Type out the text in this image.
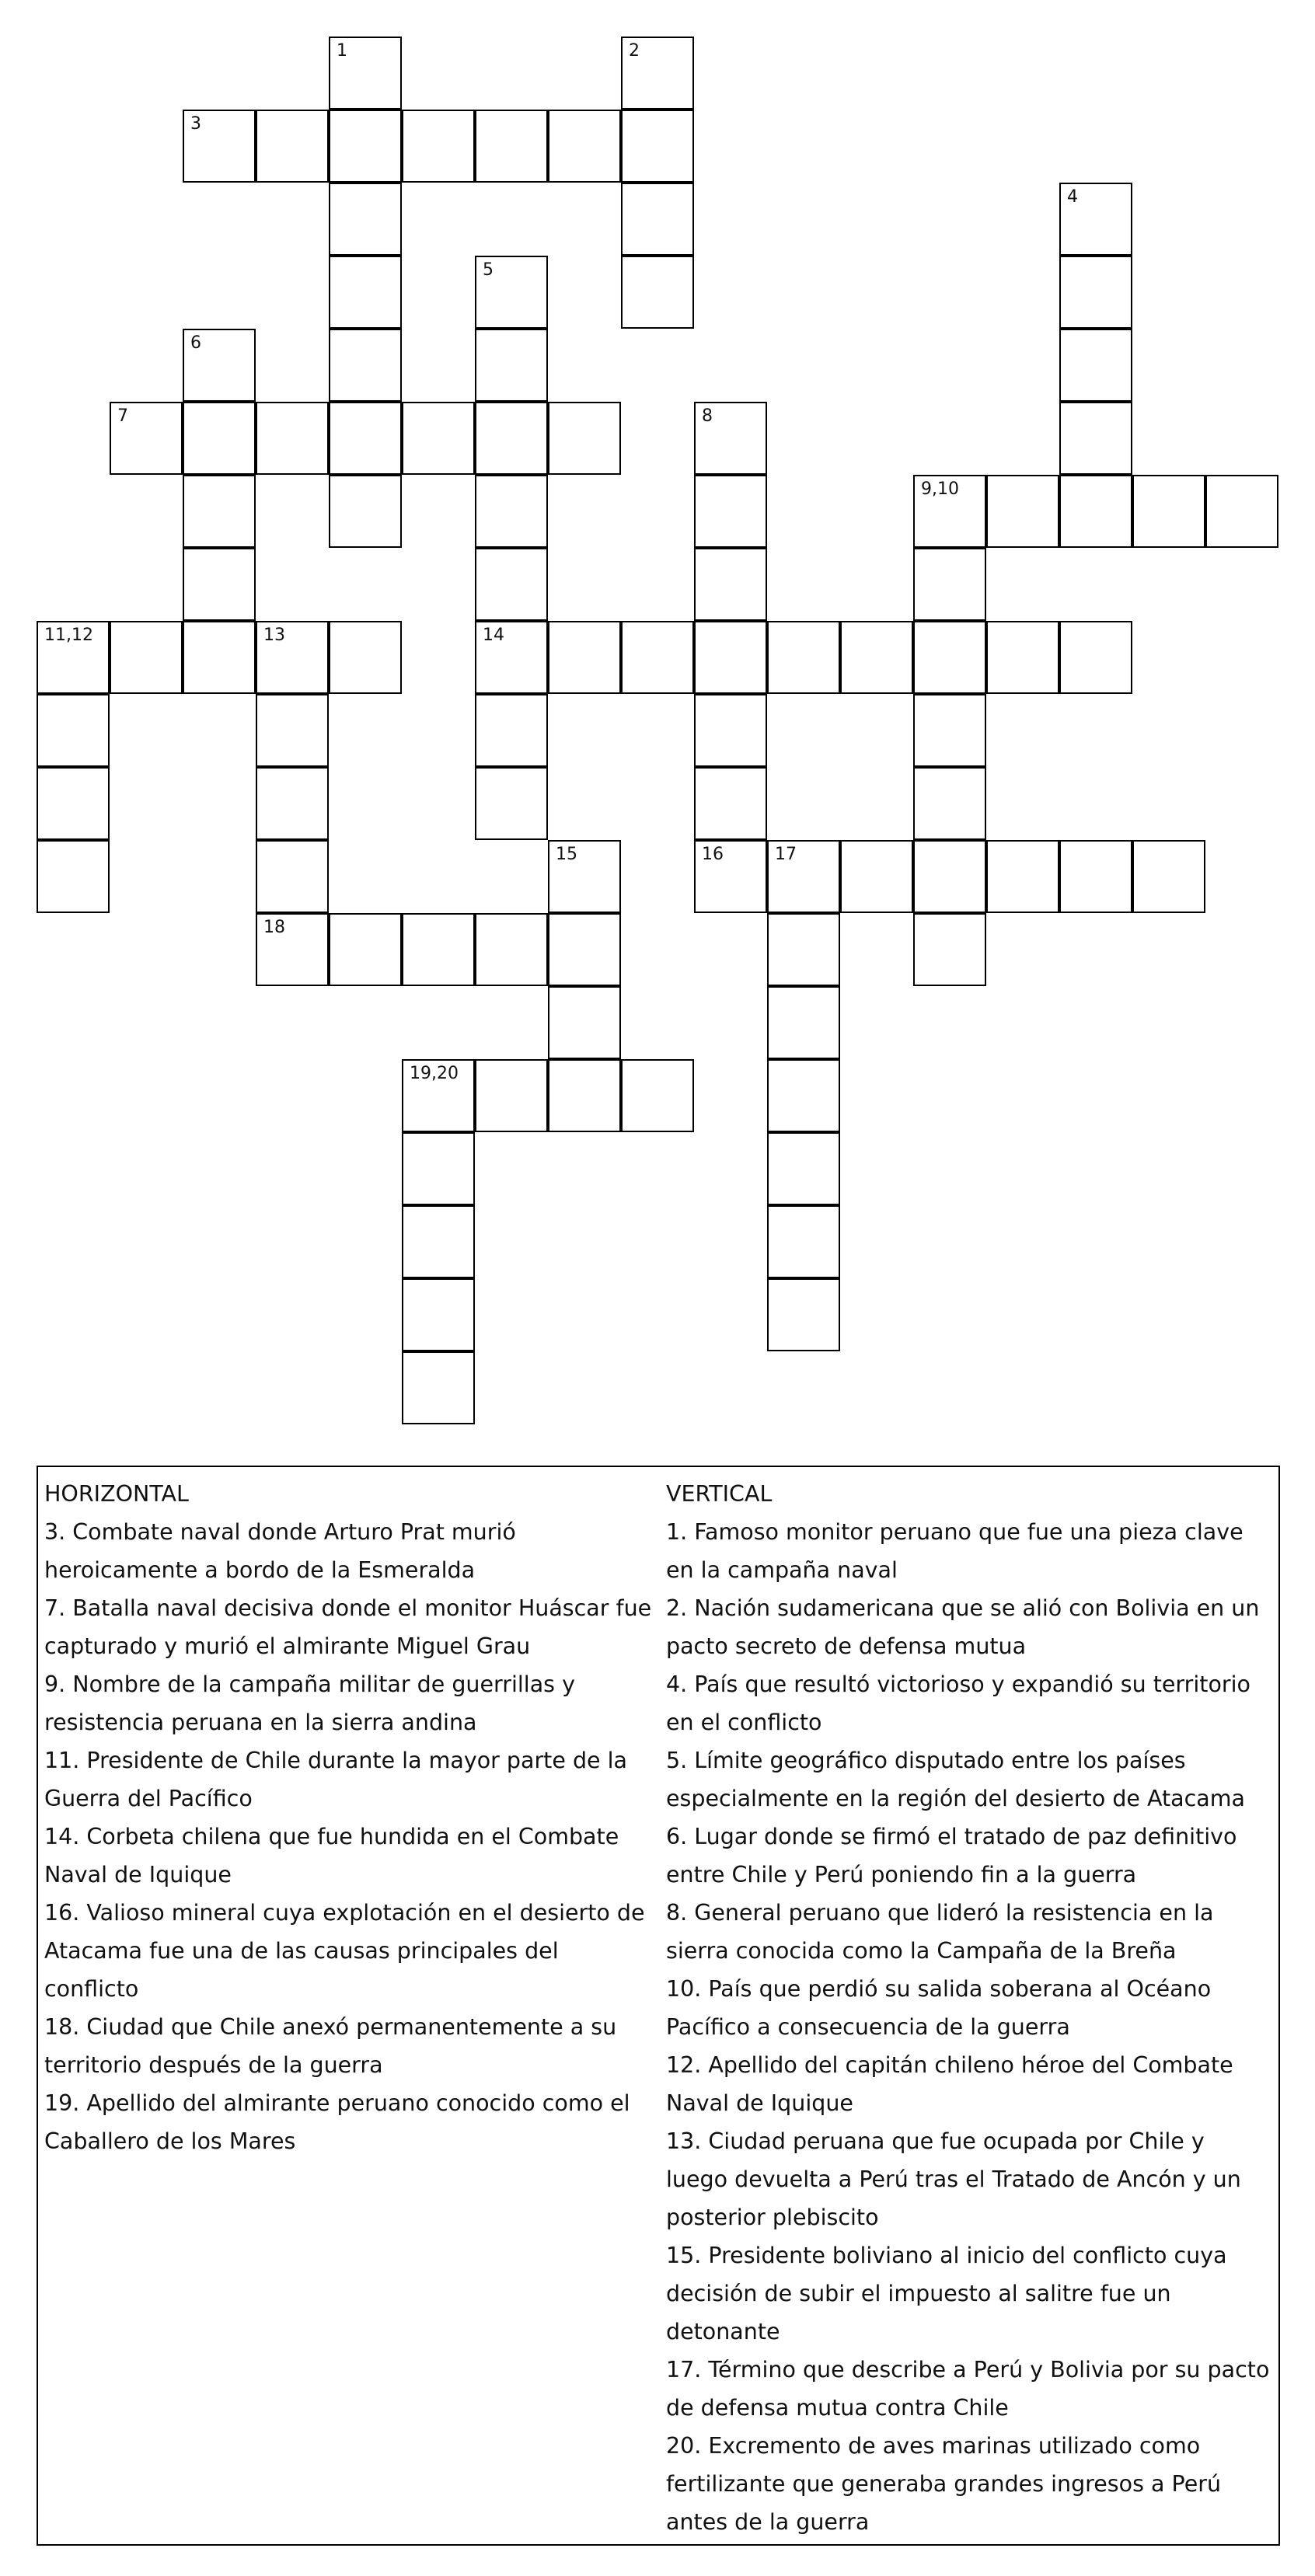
3
7
9,10
11,12	13	14
16	17
18
19,20
1	2
4
5
6
8
15
HORIZONTAL
3. Combate naval donde Arturo Prat murió heroicamente a bordo de la Esmeralda
7. Batalla naval decisiva donde el monitor Huáscar fue capturado y murió el almirante Miguel Grau
9. Nombre de la campaña militar de guerrillas y resistencia peruana en la sierra andina
11. Presidente de Chile durante la mayor parte de la Guerra del Pacífico
14. Corbeta chilena que fue hundida en el Combate Naval de Iquique
16. Valioso mineral cuya explotación en el desierto de Atacama fue una de las causas principales del conflicto
18. Ciudad que Chile anexó permanentemente a su territorio después de la guerra
19. Apellido del almirante peruano conocido como el Caballero de los Mares
VERTICAL
1. Famoso monitor peruano que fue una pieza clave en la campaña naval
2. Nación sudamericana que se alió con Bolivia en un pacto secreto de defensa mutua
4. País que resultó victorioso y expandió su territorio en el conflicto
5. Límite geográfico disputado entre los países especialmente en la región del desierto de Atacama
6. Lugar donde se firmó el tratado de paz definitivo entre Chile y Perú poniendo fin a la guerra
8. General peruano que lideró la resistencia en la sierra conocida como la Campaña de la Breña
10. País que perdió su salida soberana al Océano Pacífico a consecuencia de la guerra
12. Apellido del capitán chileno héroe del Combate Naval de Iquique
13. Ciudad peruana que fue ocupada por Chile y luego devuelta a Perú tras el Tratado de Ancón y un posterior plebiscito
15. Presidente boliviano al inicio del conflicto cuya decisión de subir el impuesto al salitre fue un detonante
17. Término que describe a Perú y Bolivia por su pacto de defensa mutua contra Chile
20. Excremento de aves marinas utilizado como fertilizante que generaba grandes ingresos a Perú antes de la guerra
